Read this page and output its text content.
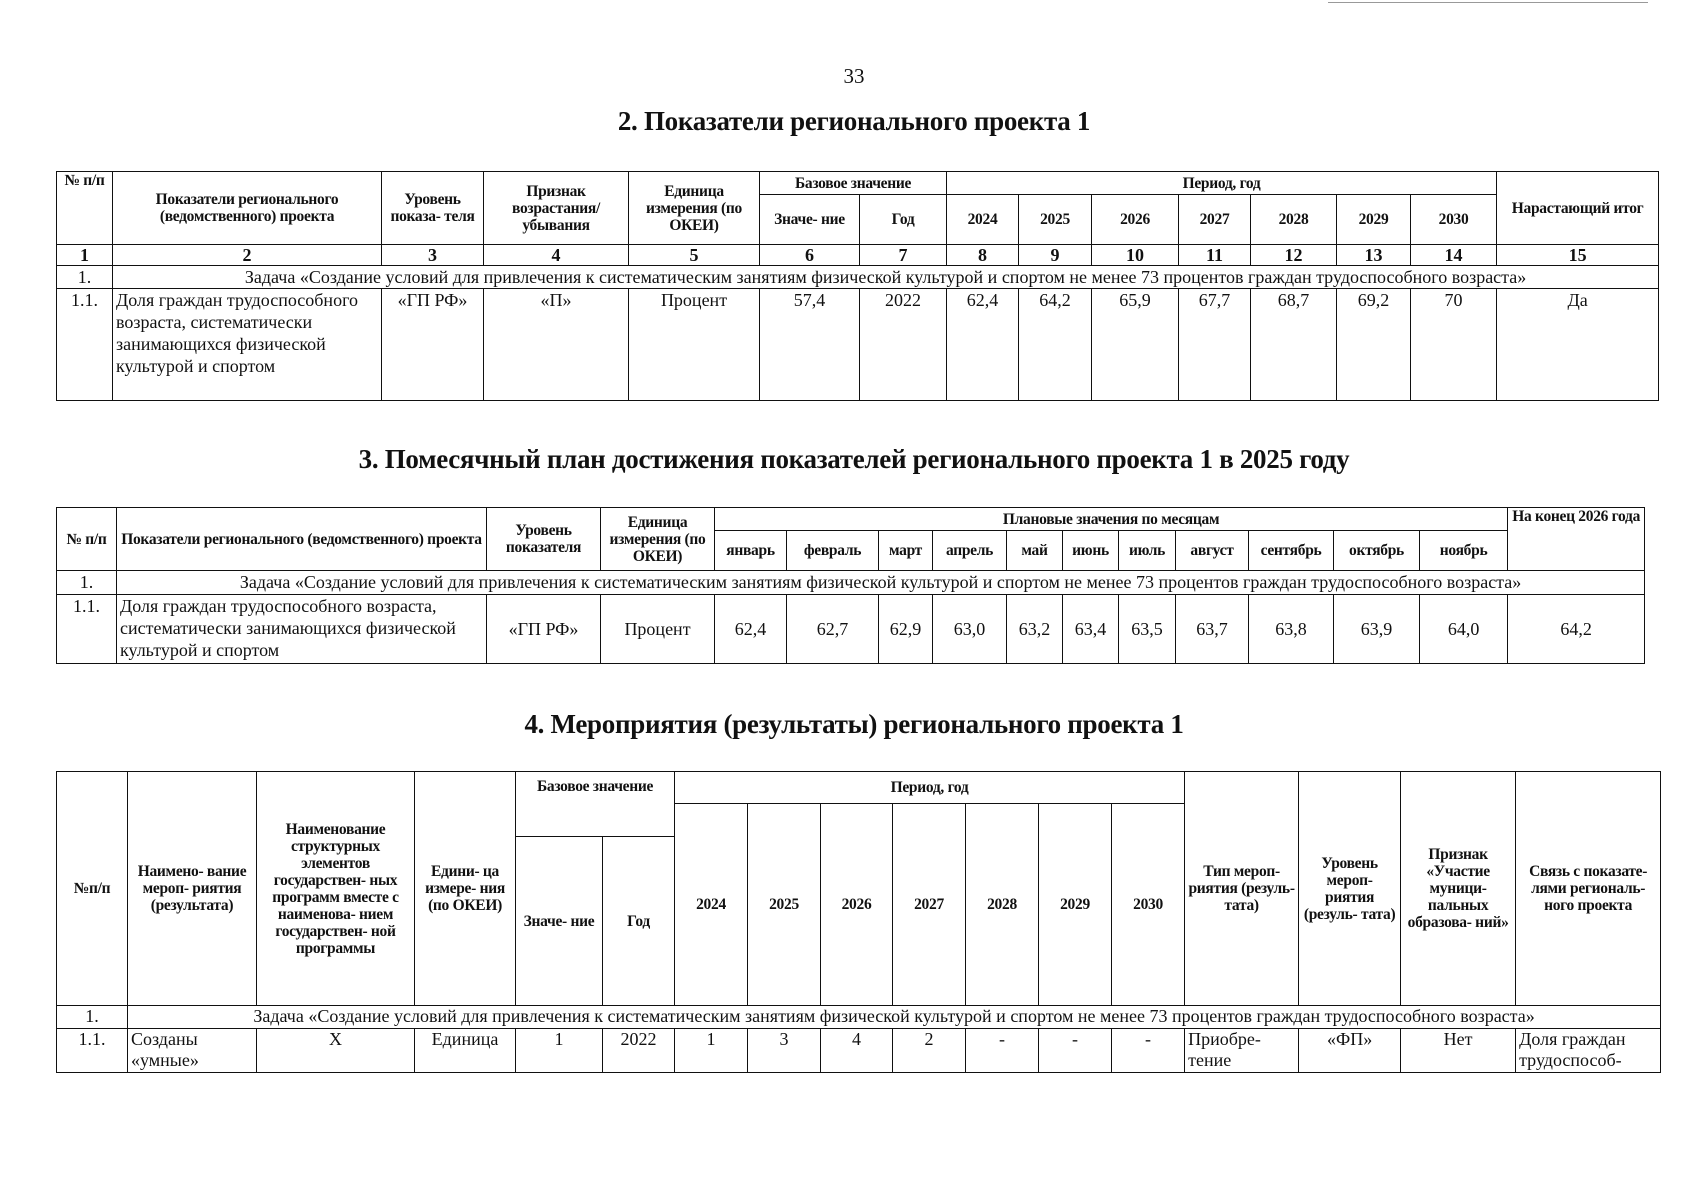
33
2. Показатели регионального проекта 1
№ п/п	Показатели регионального (ведомственного) проекта	Уровень показа- теля	Признак возрастания/ убывания	Единица измерения (по ОКЕИ)	Базовое значение		Период, год							Нарастающий итог
					Значе- ние	Год	2024	2025	2026	2027	2028	2029	2030	
1	2	3	4	5	6	7	8	9	10	11	12	13	14	15
1.	Задача «Создание условий для привлечения к систематическим занятиям физической культурой и спортом не менее 73 процентов граждан трудоспособного возраста»													
1.1.	Доля граждан трудоспособного возраста, систематически занимающихся физической культурой и спортом	«ГП РФ»	«П»	Процент	57,4	2022	62,4	64,2	65,9	67,7	68,7	69,2	70	Да
3. Помесячный план достижения показателей регионального проекта 1 в 2025 году
№ п/п	Показатели регионального (ведомственного) проекта	Уровень показателя	Единица измерения (по ОКЕИ)	Плановые значения по месяцам											На конец 2026 года
				январь	февраль	март	апрель	май	июнь	июль	август	сентябрь	октябрь	ноябрь	
1.	Задача «Создание условий для привлечения к систематическим занятиям физической культурой и спортом не менее 73 процентов граждан трудоспособного возраста»														
1.1.	Доля граждан трудоспособного возраста, систематически занимающихся физической культурой и спортом	«ГП РФ»	Процент	62,4	62,7	62,9	63,0	63,2	63,4	63,5	63,7	63,8	63,9	64,0	64,2
4. Мероприятия (результаты) регионального проекта 1
№п/п	Наимено- вание мероп- риятия (результата)	Наименование структурных элементов государствен- ных программ вместе с наименова- нием государствен- ной программы	Едини- ца измере- ния (по ОКЕИ)	Базовое значение		Период, год							Тип мероп- риятия (резуль- тата)	Уровень мероп- риятия (резуль- тата)	Признак «Участие муници- пальных образова- ний»	Связь с показате- лями региональ- ного проекта
						2024	2025	2026	2027	2028	2029	2030				
				Значе- ние	Год											
1.	Задача «Создание условий для привлечения к систематическим занятиям физической культурой и спортом не менее 73 процентов граждан трудоспособного возраста»															
1.1.	Созданы «умные»	Х	Единица	1	2022	1	3	4	2	-	-	-	Приобре- тение	«ФП»	Нет	Доля граждан трудоспособ-
